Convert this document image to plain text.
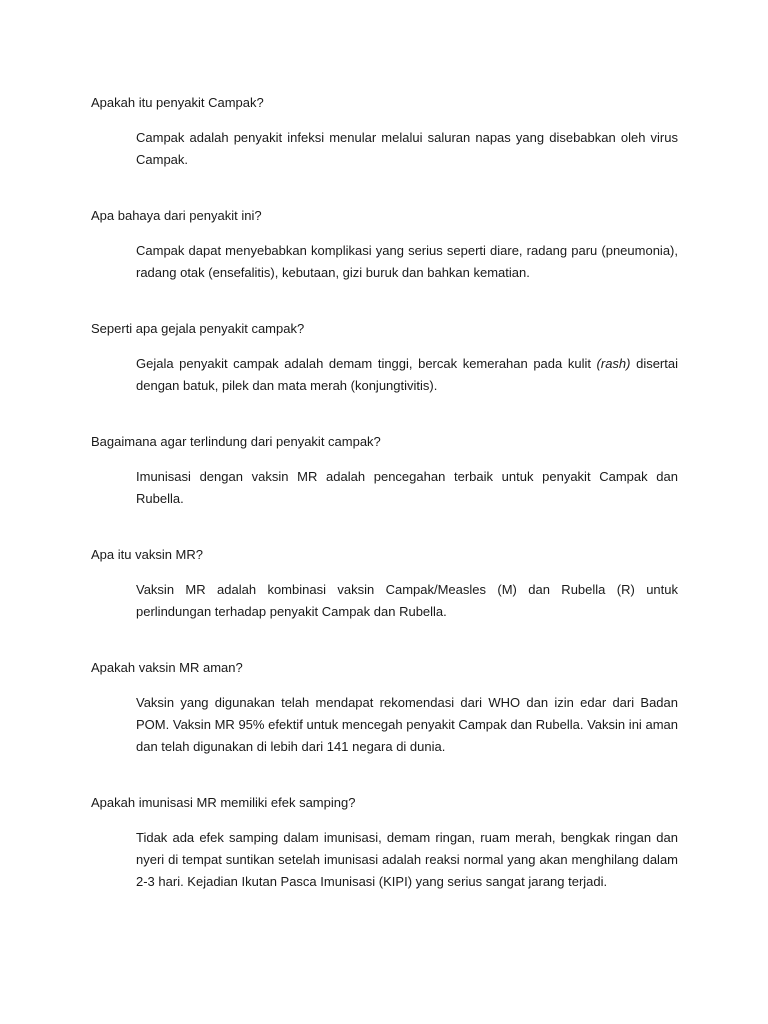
Apakah itu penyakit Campak?

Campak adalah penyakit infeksi menular melalui saluran napas yang disebabkan oleh virus Campak.

Apa bahaya dari penyakit ini?

Campak dapat menyebabkan komplikasi yang serius seperti diare, radang paru (pneumonia), radang otak (ensefalitis), kebutaan, gizi buruk dan bahkan kematian.

Seperti apa gejala penyakit campak?

Gejala penyakit campak adalah demam tinggi, bercak kemerahan pada kulit (rash) disertai dengan batuk, pilek dan mata merah (konjungtivitis).

Bagaimana agar terlindung dari penyakit campak?

Imunisasi dengan vaksin MR adalah pencegahan terbaik untuk penyakit Campak dan Rubella.

Apa itu vaksin MR?

Vaksin MR adalah kombinasi vaksin Campak/Measles (M) dan Rubella (R) untuk perlindungan terhadap penyakit Campak dan Rubella.

Apakah vaksin MR aman?

Vaksin yang digunakan telah mendapat rekomendasi dari WHO dan izin edar dari Badan POM. Vaksin MR 95% efektif untuk mencegah penyakit Campak dan Rubella. Vaksin ini aman dan telah digunakan di lebih dari 141 negara di dunia.

Apakah imunisasi MR memiliki efek samping?

Tidak ada efek samping dalam imunisasi, demam ringan, ruam merah, bengkak ringan dan nyeri di tempat suntikan setelah imunisasi adalah reaksi normal yang akan menghilang dalam 2-3 hari. Kejadian Ikutan Pasca Imunisasi (KIPI) yang serius sangat jarang terjadi.
